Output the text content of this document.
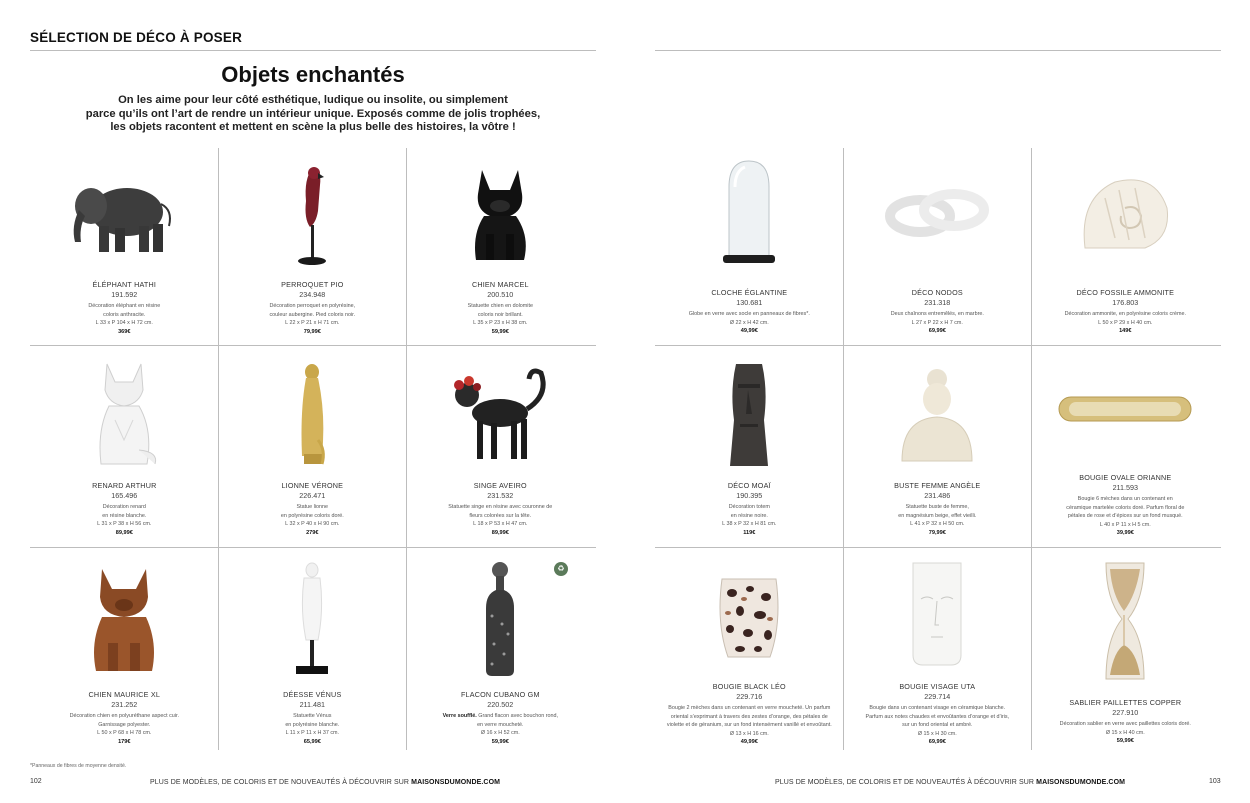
SÉLECTION DE DÉCO À POSER
Objets enchantés
On les aime pour leur côté esthétique, ludique ou insolite, ou simplement
parce qu’ils ont l’art de rendre un intérieur unique. Exposés comme de jolis trophées,
les objets racontent et mettent en scène la plus belle des histoires, la vôtre !
ÉLÉPHANT HATHI
191.592
Décoration éléphant en résine
coloris anthracite.
L 33 x P 104 x H 72 cm.
369€
PERROQUET PIO
234.948
Décoration perroquet en polyrésine,
couleur aubergine. Pied coloris noir.
L 22 x P 21 x H 71 cm.
79,99€
CHIEN MARCEL
200.510
Statuette chien en dolomite
coloris noir brillant.
L 35 x P 23 x H 38 cm.
59,99€
RENARD ARTHUR
165.496
Décoration renard
en résine blanche.
L 31 x P 38 x H 56 cm.
89,99€
LIONNE VÉRONE
226.471
Statue lionne
en polyrésine coloris doré.
L 32 x P 40 x H 90 cm.
279€
SINGE AVEIRO
231.532
Statuette singe en résine avec couronne de
fleurs colorées sur la tête.
L 18 x P 53 x H 47 cm.
89,99€
CHIEN MAURICE XL
231.252
Décoration chien en polyuréthane aspect cuir.
Garnissage polyester.
L 50 x P 68 x H 78 cm.
179€
DÉESSE VÉNUS
211.481
Statuette Vénus
en polyrésine blanche.
L 11 x P 11 x H 37 cm.
65,99€
♻
FLACON CUBANO GM
220.502
Verre soufflé. Grand flacon avec bouchon rond,
en verre moucheté.
Ø 16 x H 52 cm.
59,99€
*Panneaux de fibres de moyenne densité.
102	PLUS DE MODÈLES, DE COLORIS ET DE NOUVEAUTÉS À DÉCOUVRIR SUR MAISONSDUMONDE.COM
CLOCHE ÉGLANTINE
130.681
Globe en verre avec socle en panneaux de fibres*.
Ø 22 x H 42 cm.
49,99€
DÉCO NODOS
231.318
Deux chaînons entremêlés, en marbre.
L 27 x P 22 x H 7 cm.
69,99€
DÉCO FOSSILE AMMONITE
176.803
Décoration ammonite, en polyrésine coloris crème.
L 50 x P 29 x H 40 cm.
149€
DÉCO MOAÏ
190.395
Décoration totem
en résine noire.
L 38 x P 32 x H 81 cm.
119€
BUSTE FEMME ANGÈLE
231.486
Statuette buste de femme,
en magnésium beige, effet vieilli.
L 41 x P 32 x H 50 cm.
79,99€
BOUGIE OVALE ORIANNE
211.593
Bougie 6 mèches dans un contenant en
céramique martelée coloris doré. Parfum floral de
pétales de rose et d’épices sur un fond musqué.
L 40 x P 11 x H 5 cm.
39,99€
BOUGIE BLACK LÉO
229.716
Bougie 2 mèches dans un contenant en verre moucheté. Un parfum
oriental s’exprimant à travers des zestes d’orange, des pétales de
violette et de géranium, sur un fond intensément vanillé et envoûtant.
Ø 13 x H 16 cm.
49,99€
BOUGIE VISAGE UTA
229.714
Bougie dans un contenant visage en céramique blanche.
Parfum aux notes chaudes et envoûtantes d’orange et d’iris,
sur un fond oriental et ambré.
Ø 15 x H 30 cm.
69,99€
SABLIER PAILLETTES COPPER
227.910
Décoration sablier en verre avec paillettes coloris doré.
Ø 15 x H 40 cm.
59,99€
PLUS DE MODÈLES, DE COLORIS ET DE NOUVEAUTÉS À DÉCOUVRIR SUR MAISONSDUMONDE.COM	103
